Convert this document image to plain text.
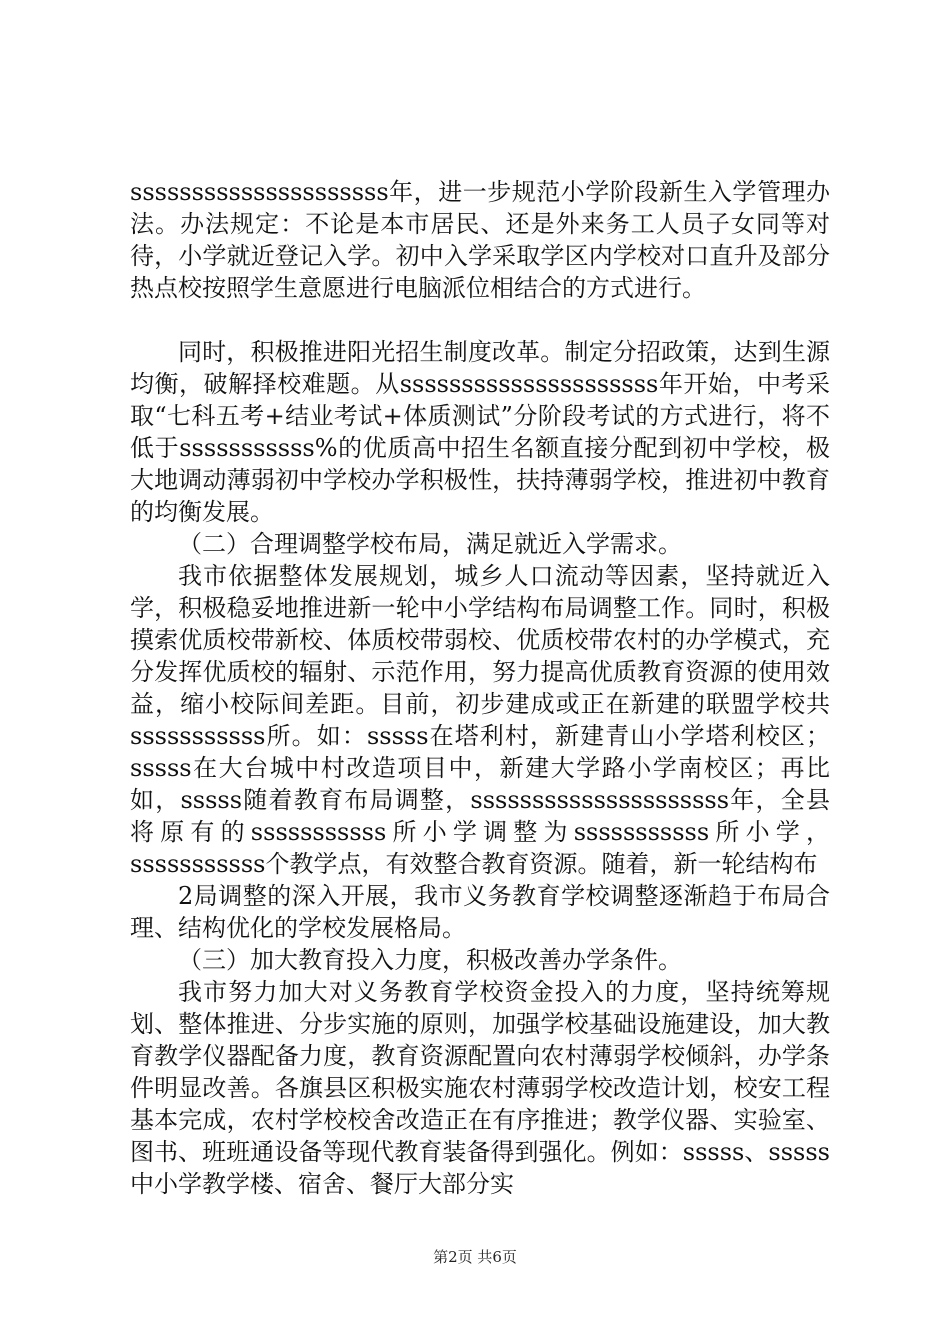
sssssssssssssssssssss年，进一步规范小学阶段新生入学管理办法。办法规定：不论是本市居民、还是外来务工人员子女同等对待，小学就近登记入学。初中入学采取学区内学校对口直升及部分热点校按照学生意愿进行电脑派位相结合的方式进行。

同时，积极推进阳光招生制度改革。制定分招政策，达到生源均衡，破解择校难题。从sssssssssssssssssssss年开始，中考采取“七科五考+结业考试+体质测试”分阶段考试的方式进行，将不低于sssssssssss%的优质高中招生名额直接分配到初中学校，极大地调动薄弱初中学校办学积极性，扶持薄弱学校，推进初中教育的均衡发展。

（二）合理调整学校布局，满足就近入学需求。

我市依据整体发展规划，城乡人口流动等因素，坚持就近入学，积极稳妥地推进新一轮中小学结构布局调整工作。同时，积极摸索优质校带新校、体质校带弱校、优质校带农村的办学模式，充分发挥优质校的辐射、示范作用，努力提高优质教育资源的使用效益，缩小校际间差距。目前，初步建成或正在新建的联盟学校共sssssssssss所。如：sssss在塔利村，新建青山小学塔利校区；sssss在大台城中村改造项目中，新建大学路小学南校区；再比如，sssss随着教育布局调整，sssssssssssssssssssss年，全县将原有的sssssssssss所小学调整为sssssssssss所小学，sssssssssss个教学点，有效整合教育资源。随着，新一轮结构布

2局调整的深入开展，我市义务教育学校调整逐渐趋于布局合理、结构优化的学校发展格局。

（三）加大教育投入力度，积极改善办学条件。

我市努力加大对义务教育学校资金投入的力度，坚持统筹规划、整体推进、分步实施的原则，加强学校基础设施建设，加大教育教学仪器配备力度，教育资源配置向农村薄弱学校倾斜，办学条件明显改善。各旗县区积极实施农村薄弱学校改造计划，校安工程基本完成，农村学校校舍改造正在有序推进；教学仪器、实验室、图书、班班通设备等现代教育装备得到强化。例如：sssss、sssss中小学教学楼、宿舍、餐厅大部分实

第2页 共6页
